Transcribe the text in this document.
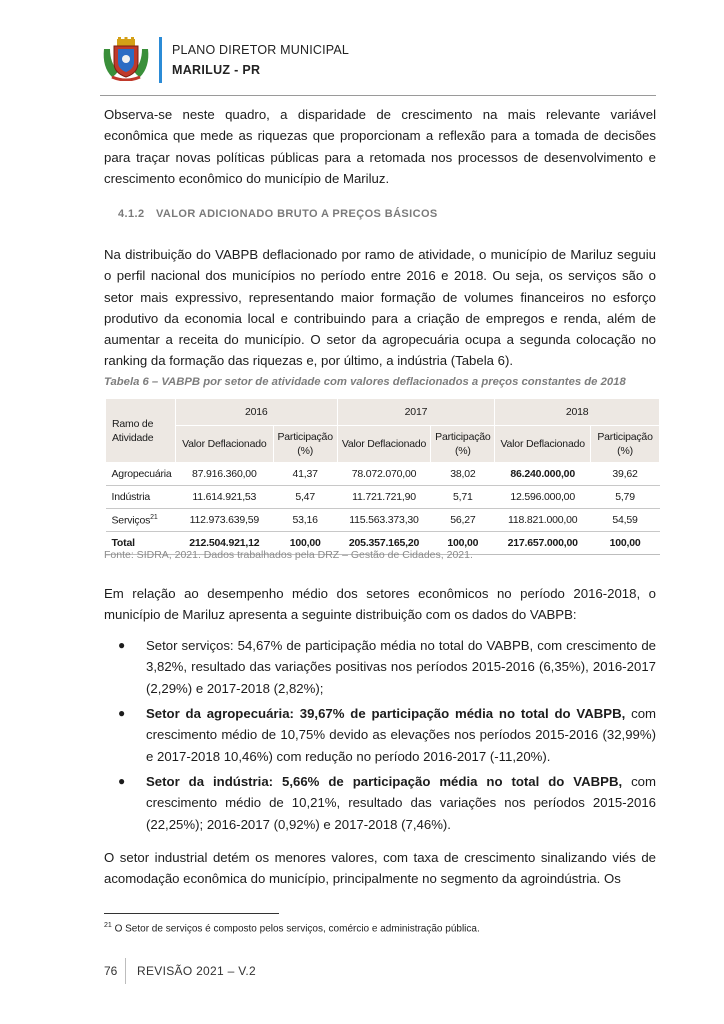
PLANO DIRETOR MUNICIPAL
MARILUZ - PR
Observa-se neste quadro, a disparidade de crescimento na mais relevante variável econômica que mede as riquezas que proporcionam a reflexão para a tomada de decisões para traçar novas políticas públicas para a retomada nos processos de desenvolvimento e crescimento econômico do município de Mariluz.
4.1.2 VALOR ADICIONADO BRUTO A PREÇOS BÁSICOS
Na distribuição do VABPB deflacionado por ramo de atividade, o município de Mariluz seguiu o perfil nacional dos municípios no período entre 2016 e 2018. Ou seja, os serviços são o setor mais expressivo, representando maior formação de volumes financeiros no esforço produtivo da economia local e contribuindo para a criação de empregos e renda, além de aumentar a receita do município. O setor da agropecuária ocupa a segunda colocação no ranking da formação das riquezas e, por último, a indústria (Tabela 6).
Tabela 6 – VABPB por setor de atividade com valores deflacionados a preços constantes de 2018
Ramo de Atividade	2016		2017		2018	
	Valor Deflacionado	Participação (%)	Valor Deflacionado	Participação (%)	Valor Deflacionado	Participação (%)
Agropecuária	87.916.360,00	41,37	78.072.070,00	38,02	86.240.000,00	39,62
Indústria	11.614.921,53	5,47	11.721.721,90	5,71	12.596.000,00	5,79
Serviços$^{21}$	112.973.639,59	53,16	115.563.373,30	56,27	118.821.000,00	54,59
Total	212.504.921,12	100,00	205.357.165,20	100,00	217.657.000,00	100,00
Fonte: SIDRA, 2021. Dados trabalhados pela DRZ – Gestão de Cidades, 2021.
Em relação ao desempenho médio dos setores econômicos no período 2016-2018, o município de Mariluz apresenta a seguinte distribuição com os dados do VABPB:
● Setor serviços: 54,67% de participação média no total do VABPB, com crescimento de 3,82%, resultado das variações positivas nos períodos 2015-2016 (6,35%), 2016-2017 (2,29%) e 2017-2018 (2,82%);
● Setor da agropecuária: 39,67% de participação média no total do VABPB, com crescimento médio de 10,75% devido as elevações nos períodos 2015-2016 (32,99%) e 2017-2018 10,46%) com redução no período 2016-2017 (-11,20%).
● Setor da indústria: 5,66% de participação média no total do VABPB, com crescimento médio de 10,21%, resultado das variações nos períodos 2015-2016 (22,25%); 2016-2017 (0,92%) e 2017-2018 (7,46%).
O setor industrial detém os menores valores, com taxa de crescimento sinalizando viés de acomodação econômica do município, principalmente no segmento da agroindústria. Os
$^{21}$ O Setor de serviços é composto pelos serviços, comércio e administração pública.
76 REVISÃO 2021 – V.2
